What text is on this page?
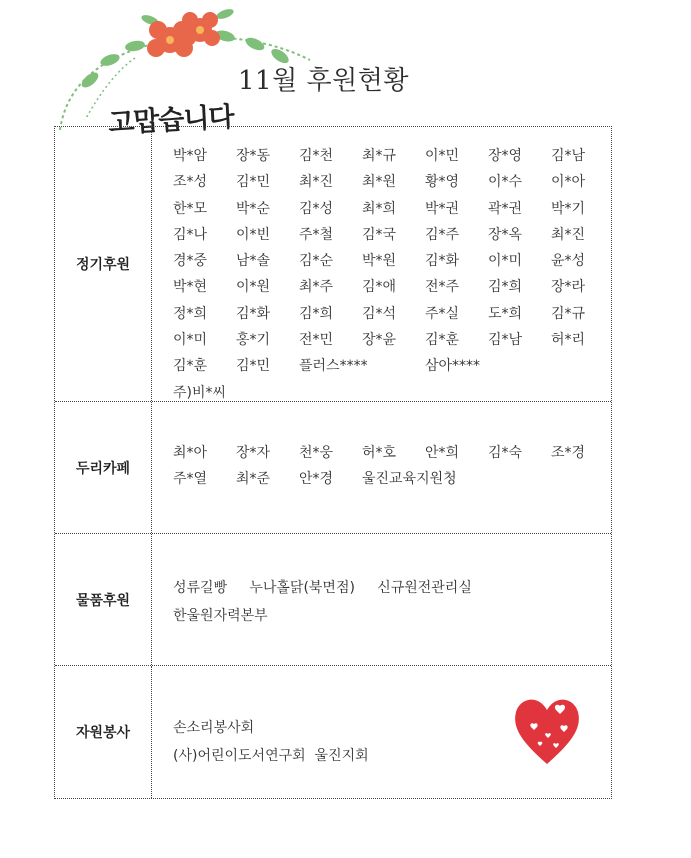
11월 후원현황
고맙습니다
정기후원
박*암	장*동	김*천	최*규	이*민	장*영	김*남
조*성	김*민	최*진	최*원	황*영	이*수	이*아
한*모	박*순	김*성	최*희	박*권	곽*권	박*기
김*나	이*빈	주*철	김*국	김*주	장*옥	최*진
경*중	남*솔	김*순	박*원	김*화	이*미	윤*성
박*현	이*원	최*주	김*애	전*주	김*희	장*라
정*희	김*화	김*희	김*석	주*실	도*희	김*규
이*미	홍*기	전*민	장*윤	김*훈	김*남	허*리
김*훈	김*민	플러스****	삼아****
주)비*씨
두리카페
최*아	장*자	천*웅	허*호	안*희	김*숙	조*경
주*열	최*준	안*경	울진교육지원청
물품후원
성류길빵     누나홀닭(북면점)     신규원전관리실
한울원자력본부
자원봉사	손소리봉사회
(사)어린이도서연구회  울진지회
